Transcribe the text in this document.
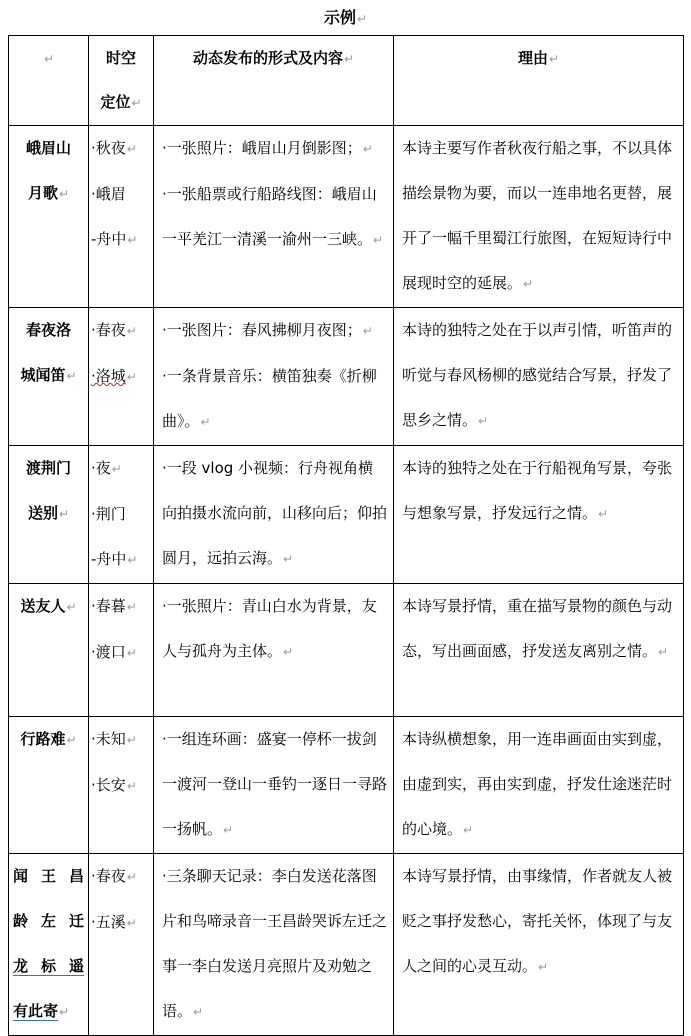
示例↵
↵	时空
定位↵	动态发布的形式及内容↵	理由↵

峨眉山
月歌↵	·秋夜↵
·峨眉
-舟中↵	·一张照片：峨眉山月倒影图；↵
·一张船票或行船路线图：峨眉山一平羌江一清溪一渝州一三峡。↵	本诗主要写作者秋夜行船之事，不以具体描绘景物为要，而以一连串地名更替，展开了一幅千里蜀江行旅图，在短短诗行中展现时空的延展。↵

春夜洛
城闻笛↵	·春夜↵
·洛城↵	·一张图片：春风拂柳月夜图；↵
·一条背景音乐：横笛独奏《折柳曲》。↵	本诗的独特之处在于以声引情，听笛声的听觉与春风杨柳的感觉结合写景，抒发了思乡之情。↵

渡荆门
送别↵	·夜↵
·荆门
-舟中↵	·一段 vlog 小视频：行舟视角横向拍摄水流向前，山移向后；仰拍圆月，远拍云海。↵	本诗的独特之处在于行船视角写景，夸张与想象写景，抒发远行之情。↵

送友人↵	·春暮↵
·渡口↵	·一张照片：青山白水为背景，友人与孤舟为主体。↵	本诗写景抒情，重在描写景物的颜色与动态，写出画面感，抒发送友离别之情。↵

行路难↵	·未知↵
·长安↵	·一组连环画：盛宴一停杯一拔剑一渡河一登山一垂钓一逐日一寻路一扬帆。↵	本诗纵横想象，用一连串画面由实到虚，由虚到实，再由实到虚，抒发仕途迷茫时的心境。↵

闻王昌
龄左迁
龙标遥
有此寄↵	·春夜↵
·五溪↵	·三条聊天记录：李白发送花落图片和鸟啼录音一王昌龄哭诉左迁之事一李白发送月亮照片及劝勉之语。↵	本诗写景抒情，由事缘情，作者就友人被贬之事抒发愁心，寄托关怀，体现了与友人之间的心灵互动。↵
